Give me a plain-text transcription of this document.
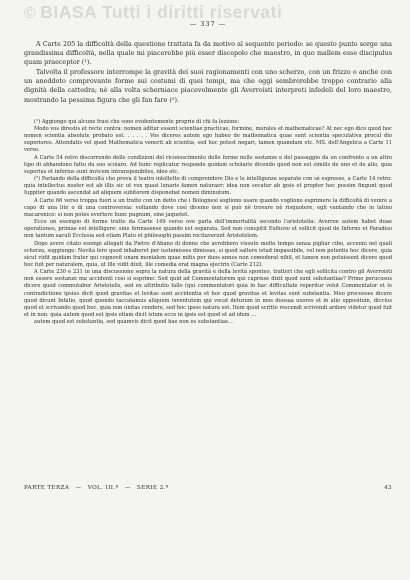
© BIASA Tutti i diritti riservati
— 337 —

A Carte 205 la difficoltà della questione trattata fa da motivo al sequente periodo: se questo punto sorge una grandissima difficoltà, nella quale mi piacerebbe più esser discepolo che maestro, in quo mallem esse discipulus quam praeceptor (¹).

Talvolta il professore interrompe la gravità dei suoi ragionamenti con uno scherzo, con un frizzo o anche con un aneddoto comprovante forme sui costumi di quei tempi, ma che oggi sembrerebbe troppo contrario alla dignità della cattedra; nè alla volta scherniace piacevolmente gli Averroisti interpreti infedeli del loro maestro, mostrando la pessima figura che gli fan fare (²).

(¹) Aggiungo qui alcune frasi che sono evidentemente proprie di chi fa lezione:

Modo vos direstis et recte contra: nomen aditur essent scientiae practicae, formine, morales et mathematicae? At nec ego dico quod hoc nomen scientia absolute probato est. . . . . . Vos diceres autem ego habeo de mathematica quae sunt scientia speculativa procul dio superiores. Attendatis vel quod Mathematica venerit ab scientia, sed hoc potest negari, tamen quamdam etc. MS. dell'Angelica a Carte 11 verso.

A Carte 54 retro discorrendo delle condizioni del riconoscimento delle forme nelle sostanze e del passaggio da un confronto a un altro tipo di abbandono fatto da suo scolaro. Ad hunc replicatur responde quidam scholaris dicendo quod non est similis de uno et de alio, quia superius et inferius sunt invicem intransponibiles, ideo etc.

(²) Parlando della difficoltà che prova il teatro intelletto di comprendere Dio e le intelligenze separate con sè espresse, a Carte 14 retro: quia intellectus noster est ab illis sic ut vox quasi lunaris famen naturaer: idea non secatur ab ipsis et propter hoc possim fingunt quod Iuppiter quando ascendat ad aliquem subitorem disponebat nomen diminutum.

A Carte 66 verso troppa fuori a un tratto con un detto che i Bolognesi sogliono usare quando vogliono esprimere la difficoltà di venire a capo di una lite o di una controversia: voltando dove così dicemo non si può nè trovare nè risquotere, egli vantando che in latino macaronico: si non potes evertere hunc pugnum, sine jaquetet.

Ecco un esempio di forme tratte da Carte 149 verso ove parla dell'immortalità secondo l'aristotelia: Averroe autem habet duae operationes, primae est intelligere: sine formasense quando est separata. Sed non conspitit Exfluvio et sollicit quod de Inferno et Paradiso non tantum saculi Ecclesia sed etiam Plato et philosophi passim recitaverunt Aristotelem.

Dopo avere citato esempi allegati da Pietro d'Abano di donne che avrebbero vissuto molto tempo senza pigliar cibo, accenni nel quali scherza, soggiunge: Novita fere quod inhaberet per iustemisses dimissas, si quod saltere istud impassibile, vel non potentis hoc dicere, quia sicut vidit quidam frater qui cognovit unam monialem quae mitis per duos annos non comederat nihil, et tamen non potuissent dicere quod hoc fuit per naturalem, quia, ut ille vidit dixit, ille comedia erat magna ejectrix (Carte 212).

A Carte 230 e 231 in una discussione sopra la natura della gravità e della levità sponteo, tratteri che egli sollicita contro gli Averroisti non essere sostanze ma accidenti cosi si esprime: Sed quid ad Commentatorem qui caprisse dixit quod sunt substantiae? Primo perucosus dicere quod commutabur Aristotelis, sed ex attributio fallo (qui commentatori quia in hac difficultate reperitur velut Commentator et le contradictione ipsius dicit quod gravitas et levitas sunt accidentia et hoc quod gravitas et levitas sunt substantia. Meo proceeses dicere quod dicunt Infatio, quod quondo taccatamus aliquem iuventutem qui vocat deturum in mos duosaa uxores et in alio oppositum, diccius quod et scrivando quod hoc, quia non unitas cendere, sed hoc ipsos natura est. Item quod scritte rescendi scrivendi ardore videtur quod fuit et in non. quia autem quod est ipsis etiam dicit istum ecce in ipsis est quod et ad idem ...

autem quod est substantia, sed quamvis dicit quod hae non es substantiae...

PARTE TERZA — VOL. III.ª — SERIE 2.ª	43
